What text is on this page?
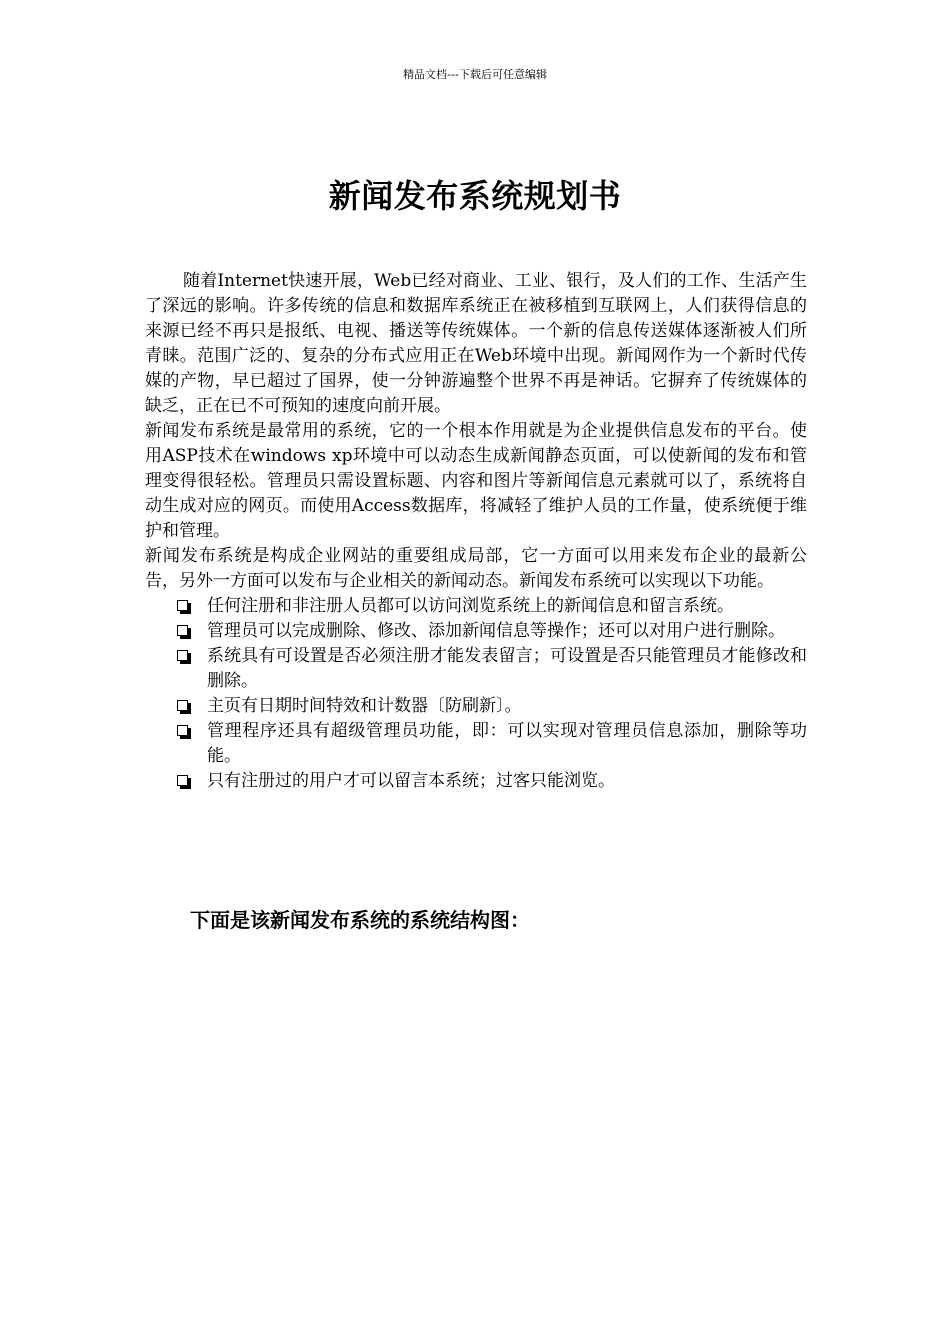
精品文档---下载后可任意编辑
新闻发布系统规划书

随着Internet快速开展，Web已经对商业、工业、银行，及人们的工作、生活产生了深远的影响。许多传统的信息和数据库系统正在被移植到互联网上，人们获得信息的来源已经不再只是报纸、电视、播送等传统媒体。一个新的信息传送媒体逐渐被人们所青睐。范围广泛的、复杂的分布式应用正在Web环境中出现。新闻网作为一个新时代传媒的产物，早已超过了国界，使一分钟游遍整个世界不再是神话。它摒弃了传统媒体的缺乏，正在已不可预知的速度向前开展。

新闻发布系统是最常用的系统，它的一个根本作用就是为企业提供信息发布的平台。使用ASP技术在windows xp环境中可以动态生成新闻静态页面，可以使新闻的发布和管理变得很轻松。管理员只需设置标题、内容和图片等新闻信息元素就可以了，系统将自动生成对应的网页。而使用Access数据库，将减轻了维护人员的工作量，使系统便于维护和管理。

新闻发布系统是构成企业网站的重要组成局部，它一方面可以用来发布企业的最新公告，另外一方面可以发布与企业相关的新闻动态。新闻发布系统可以实现以下功能。

任何注册和非注册人员都可以访问浏览系统上的新闻信息和留言系统。
管理员可以完成删除、修改、添加新闻信息等操作；还可以对用户进行删除。
系统具有可设置是否必须注册才能发表留言；可设置是否只能管理员才能修改和删除。
主页有日期时间特效和计数器〔防刷新〕。
管理程序还具有超级管理员功能，即：可以实现对管理员信息添加，删除等功能。
只有注册过的用户才可以留言本系统；过客只能浏览。
下面是该新闻发布系统的系统结构图：
